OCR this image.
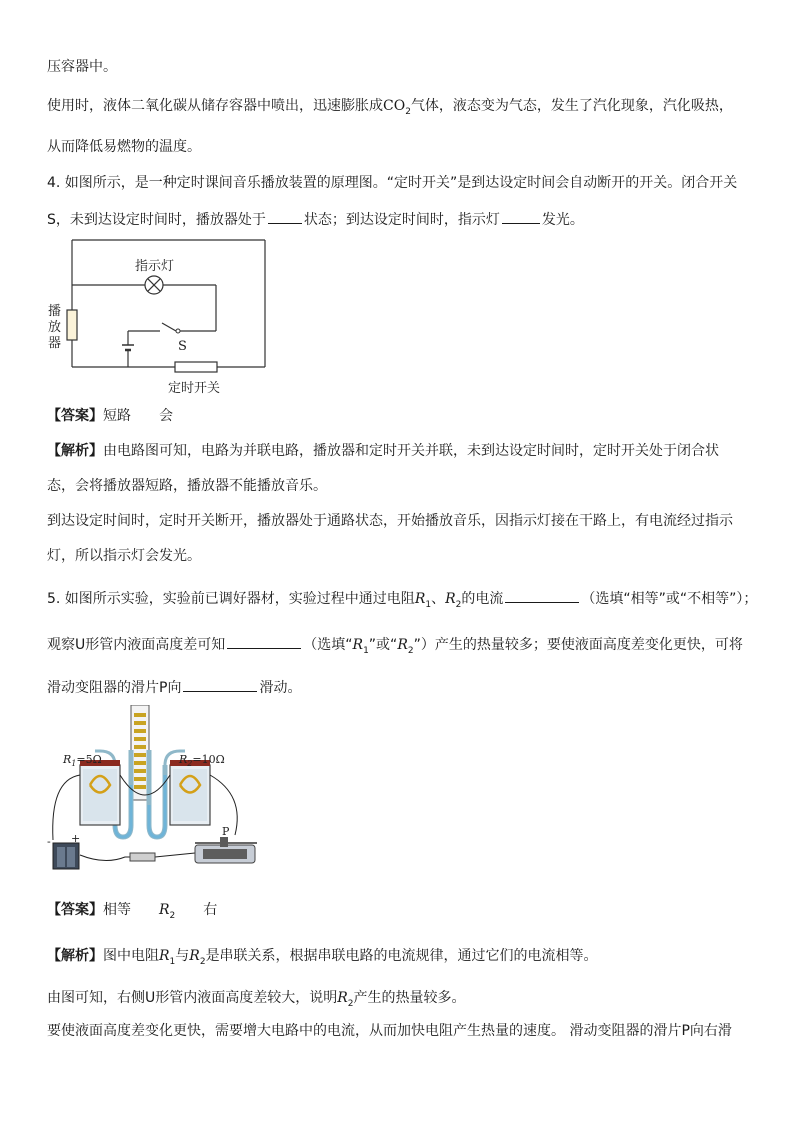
压容器中。
使用时，液体二氧化碳从储存容器中喷出，迅速膨胀成$CO_2$气体，液态变为气态，发生了汽化现象，汽化吸热，
从而降低易燃物的温度。
4. 如图所示，是一种定时课间音乐播放装置的原理图。“定时开关”是到达设定时间会自动断开的开关。闭合开关
S，未到达设定时间时，播放器处于	状态；到达设定时间时，指示灯	发光。
指示灯
播
放
器	S
定时开关
【答案】短路 会
【解析】由电路图可知，电路为并联电路，播放器和定时开关并联，未到达设定时间时，定时开关处于闭合状
态，会将播放器短路，播放器不能播放音乐。
到达设定时间时，定时开关断开，播放器处于通路状态，开始播放音乐，因指示灯接在干路上，有电流经过指示
灯，所以指示灯会发光。
5. 如图所示实验，实验前已调好器材，实验过程中通过电阻$R_1$、$R_2$的电流	（选填“相等”或“不相等”）；
观察U形管内液面高度差可知	（选填“$R_1$”或“$R_2$”）产生的热量较多；要使液面高度差变化更快，可将
滑动变阻器的滑片P向	滑动。
- +
P
$R_1=5\Omega$	$R_2=10\Omega$
【答案】相等 $R_2$ 右
【解析】图中电阻$R_1$与$R_2$是串联关系，根据串联电路的电流规律，通过它们的电流相等。
由图可知，右侧U形管内液面高度差较大，说明$R_2$产生的热量较多。
要使液面高度差变化更快，需要增大电路中的电流，从而加快电阻产生热量的速度。 滑动变阻器的滑片P向右滑
